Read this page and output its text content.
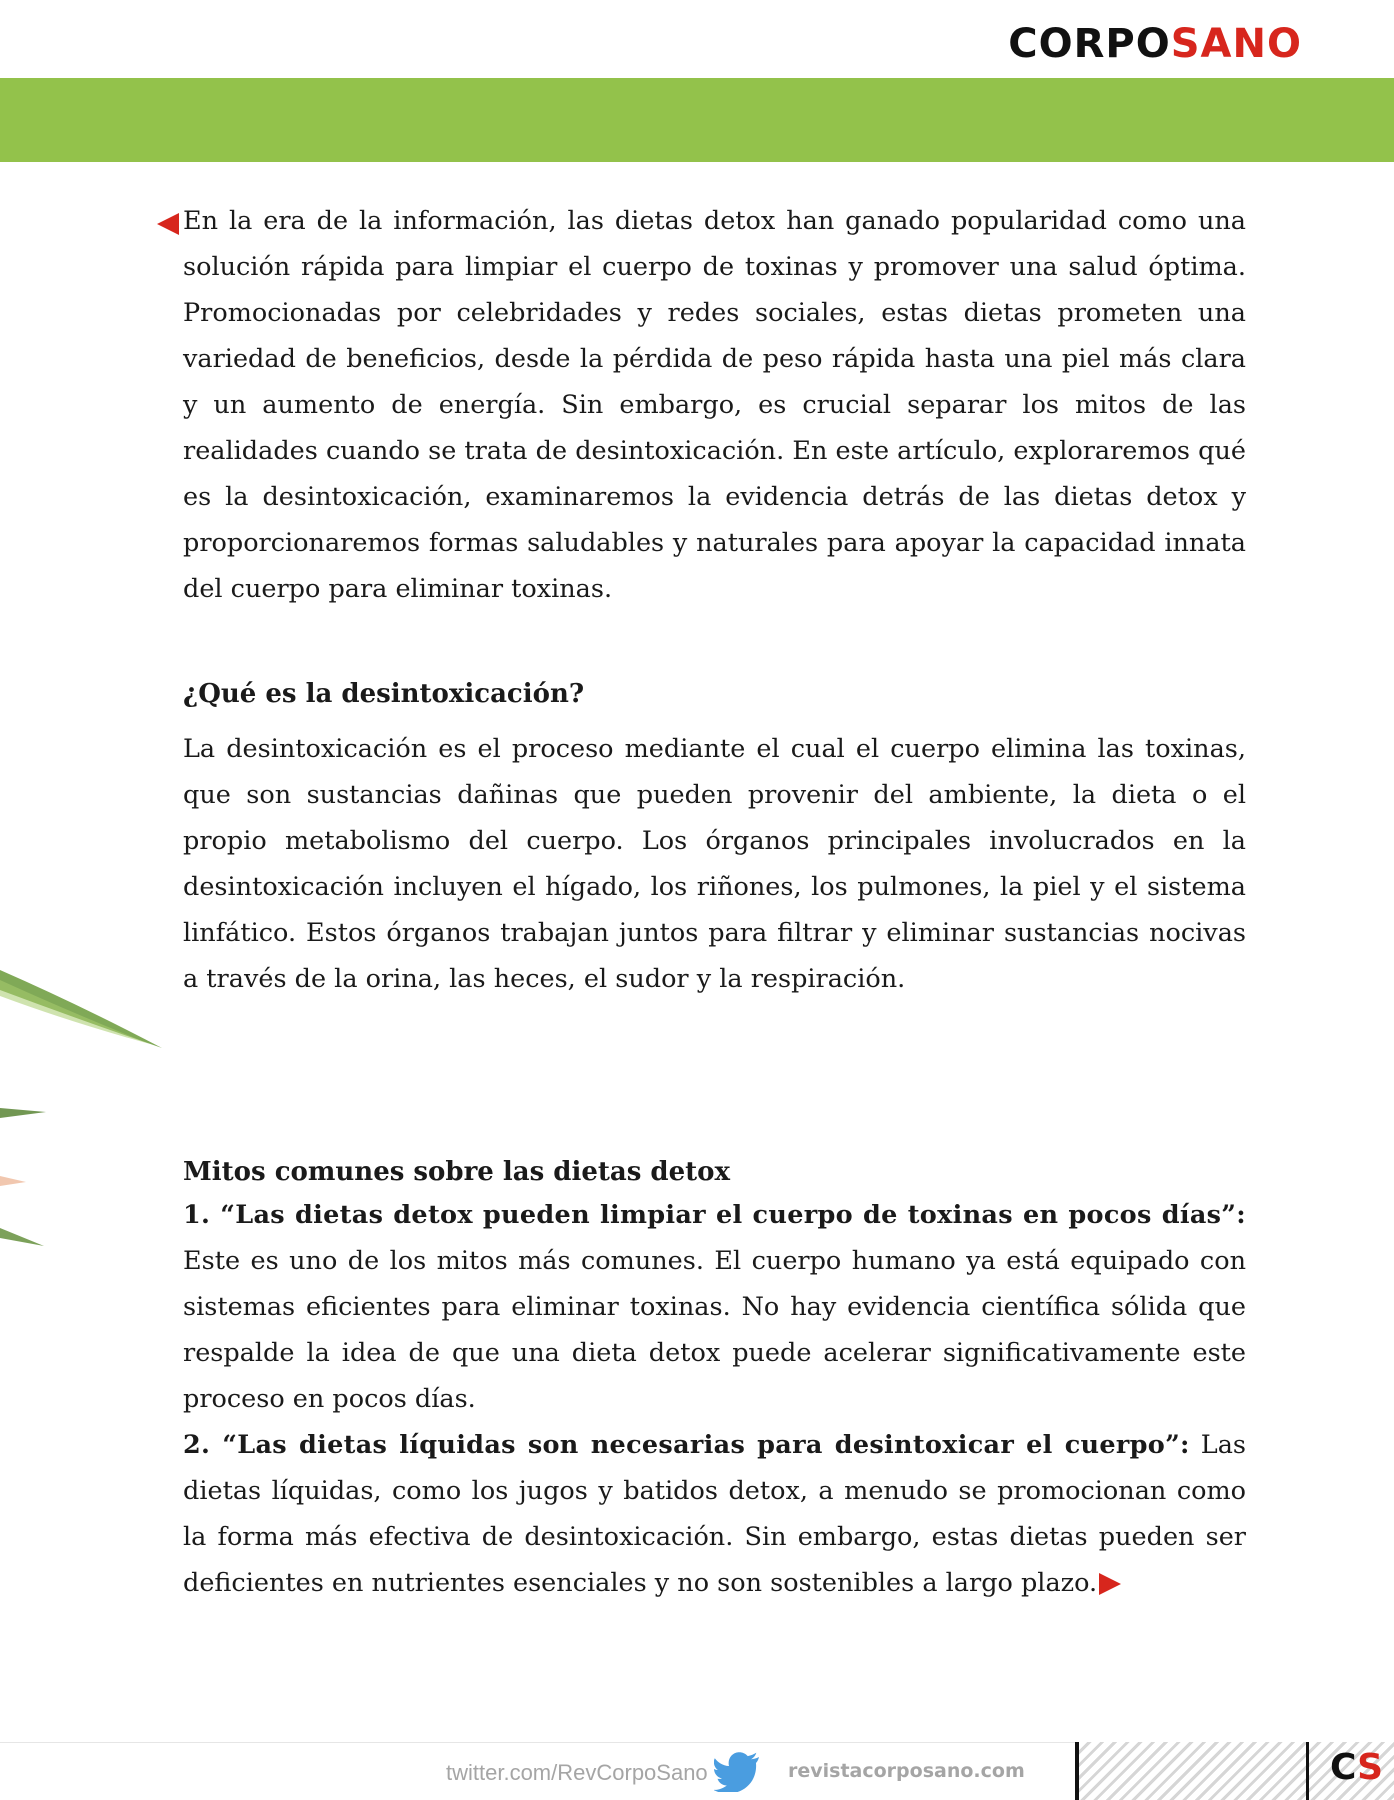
CORPOSANO

En la era de la información, las dietas detox han ganado popularidad como una solución rápida para limpiar el cuerpo de toxinas y promover una salud óptima. Promocionadas por celebridades y redes sociales, estas dietas prometen una variedad de beneficios, desde la pérdida de peso rápida hasta una piel más clara y un aumento de energía. Sin embargo, es crucial separar los mitos de las realidades cuando se trata de desintoxicación. En este artículo, exploraremos qué es la desintoxicación, examinaremos la evidencia detrás de las dietas detox y proporcionaremos formas saludables y naturales para apoyar la capacidad innata del cuerpo para eliminar toxinas.

¿Qué es la desintoxicación?

La desintoxicación es el proceso mediante el cual el cuerpo elimina las toxinas, que son sustancias dañinas que pueden provenir del ambiente, la dieta o el propio metabolismo del cuerpo. Los órganos principales involucrados en la desintoxicación incluyen el hígado, los riñones, los pulmones, la piel y el sistema linfático. Estos órganos trabajan juntos para filtrar y eliminar sustancias nocivas a través de la orina, las heces, el sudor y la respiración.

Mitos comunes sobre las dietas detox

1. “Las dietas detox pueden limpiar el cuerpo de toxinas en pocos días”: Este es uno de los mitos más comunes. El cuerpo humano ya está equipado con sistemas eficientes para eliminar toxinas. No hay evidencia científica sólida que respalde la idea de que una dieta detox puede acelerar significativamente este proceso en pocos días.

2. “Las dietas líquidas son necesarias para desintoxicar el cuerpo”: Las dietas líquidas, como los jugos y batidos detox, a menudo se promocionan como la forma más efectiva de desintoxicación. Sin embargo, estas dietas pueden ser deficientes en nutrientes esenciales y no son sostenibles a largo plazo.

twitter.com/RevCorpoSano	revistacorposano.com	CS
